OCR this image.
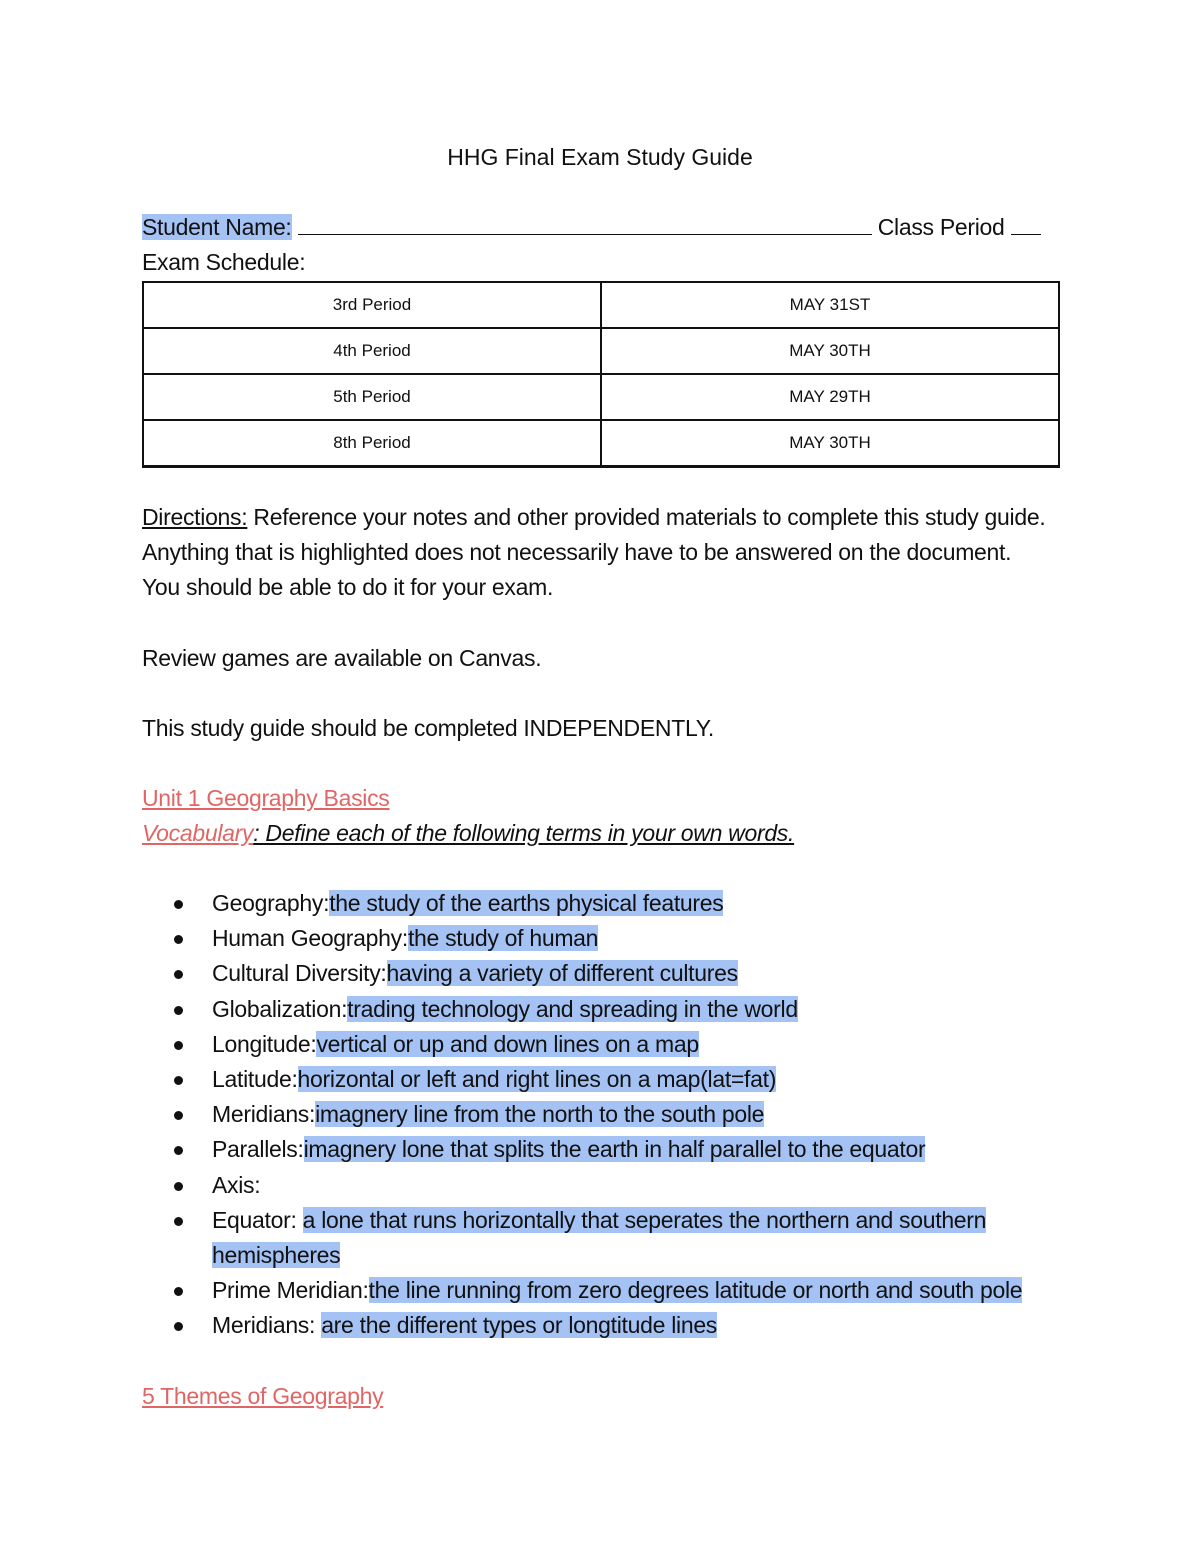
HHG Final Exam Study Guide
Student Name:	Class Period
Exam Schedule:
3rd Period	MAY 31ST
4th Period	MAY 30TH
5th Period	MAY 29TH
8th Period	MAY 30TH
Directions: Reference your notes and other provided materials to complete this study guide.
Anything that is highlighted does not necessarily have to be answered on the document.
You should be able to do it for your exam.
Review games are available on Canvas.
This study guide should be completed INDEPENDENTLY.
Unit 1 Geography Basics
Vocabulary: Define each of the following terms in your own words.
Geography:the study of the earths physical features
Human Geography:the study of human
Cultural Diversity:having a variety of different cultures
Globalization:trading technology and spreading in the world
Longitude:vertical or up and down lines on a map
Latitude:horizontal or left and right lines on a map(lat=fat)
Meridians:imagnery line from the north to the south pole
Parallels:imagnery lone that splits the earth in half parallel to the equator
Axis:
Equator: a lone that runs horizontally that seperates the northern and southern hemispheres
Prime Meridian:the line running from zero degrees latitude or north and south pole
Meridians: are the different types or longtitude lines
5 Themes of Geography
